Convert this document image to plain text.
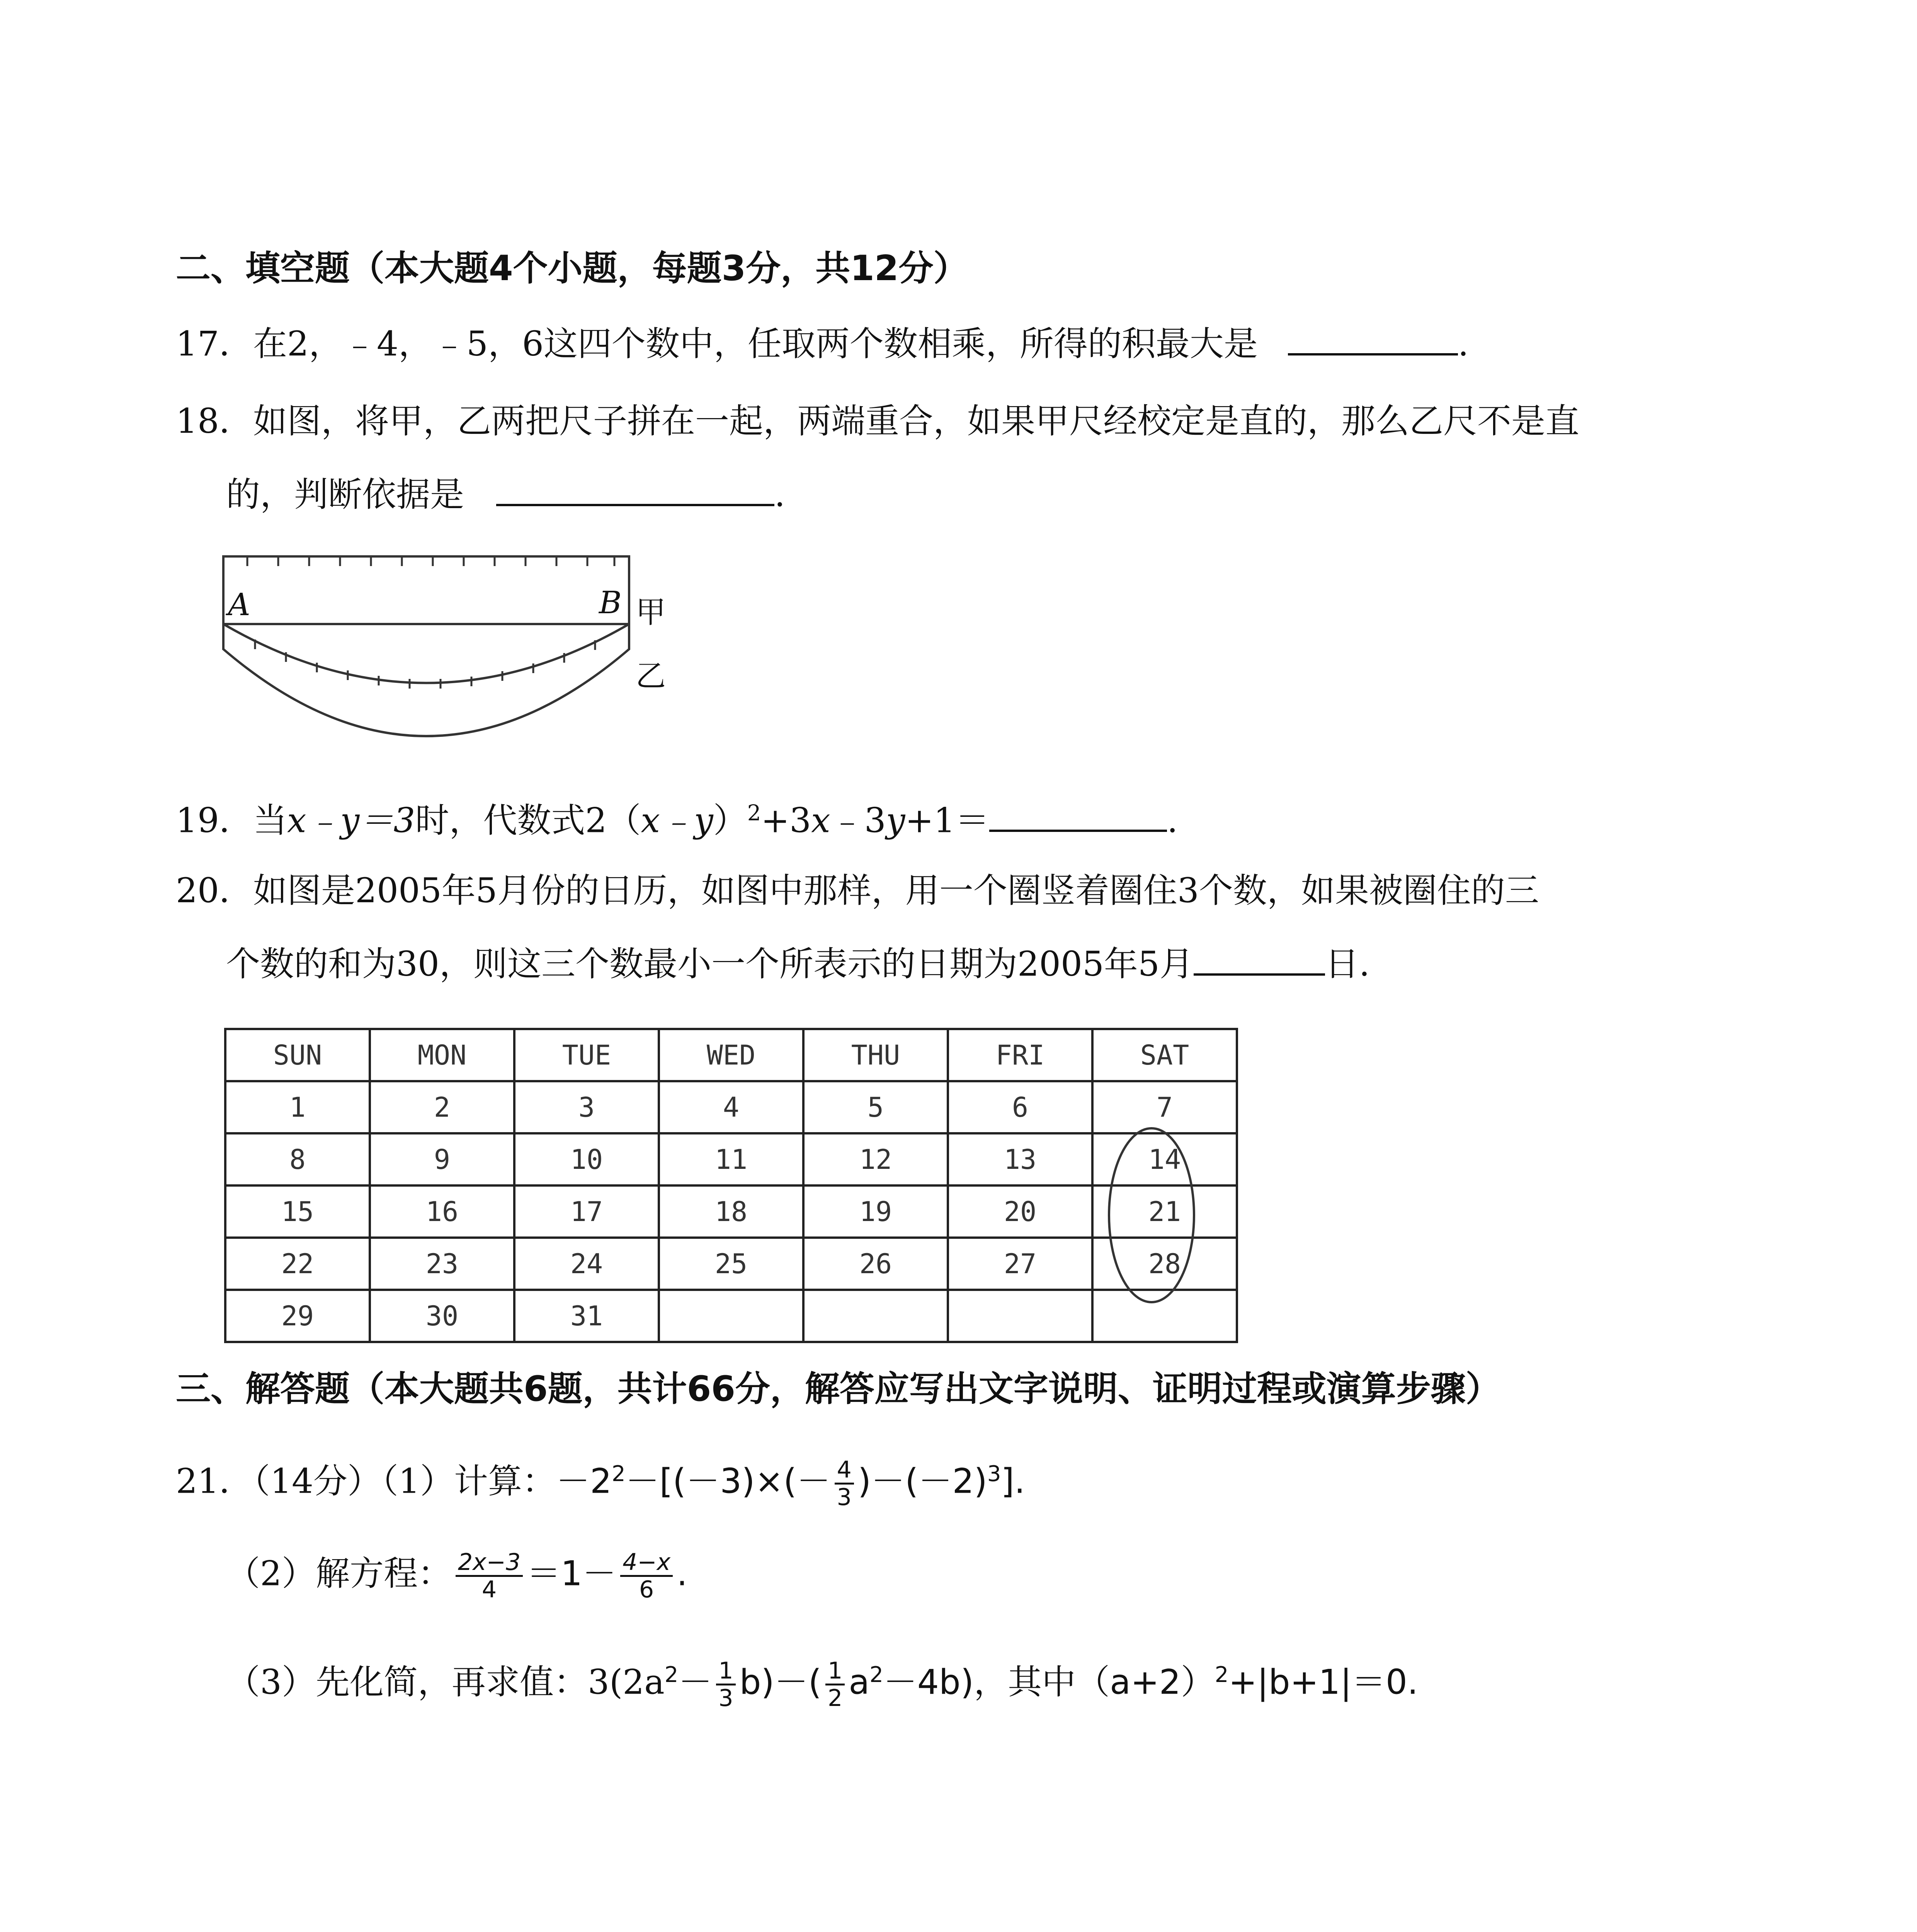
二、填空题（本大题4个小题，每题3分，共12分）
17．在2，﹣4，﹣5，6这四个数中，任取两个数相乘，所得的积最大是	.
18．如图，将甲，乙两把尺子拼在一起，两端重合，如果甲尺经校定是直的，那么乙尺不是直
的，判断依据是	.
A	B 甲
乙
19．当x﹣y＝3时，代数式2（x﹣y）$^2$+3x﹣3y+1＝	.
20．如图是2005年5月份的日历，如图中那样，用一个圈竖着圈住3个数，如果被圈住的三
个数的和为30，则这三个数最小一个所表示的日期为2005年5月	日.
SUN	MON	TUE	WED	THU	FRI	SAT
1	2	3	4	5	6	7
8	9	10	11	12	13	14
15	16	17	18	19	20	21
22	23	24	25	26	27	28
29	30	31				
三、解答题（本大题共6题，共计66分，解答应写出文字说明、证明过程或演算步骤）
21．（14分）（1）计算：$-2^2-[(-3)\times(- \frac{4}{3} )-(-2)^3]$.
（2）解方程： $\frac{2x-3}{4} =1- \frac{4-x}{6}$ .
（3）先化简，再求值：$3(2a^2- \frac{1}{3} b)-( \frac{1}{2} a^2-4b)$，其中$(a+2)^2+|b+1|=0$.
